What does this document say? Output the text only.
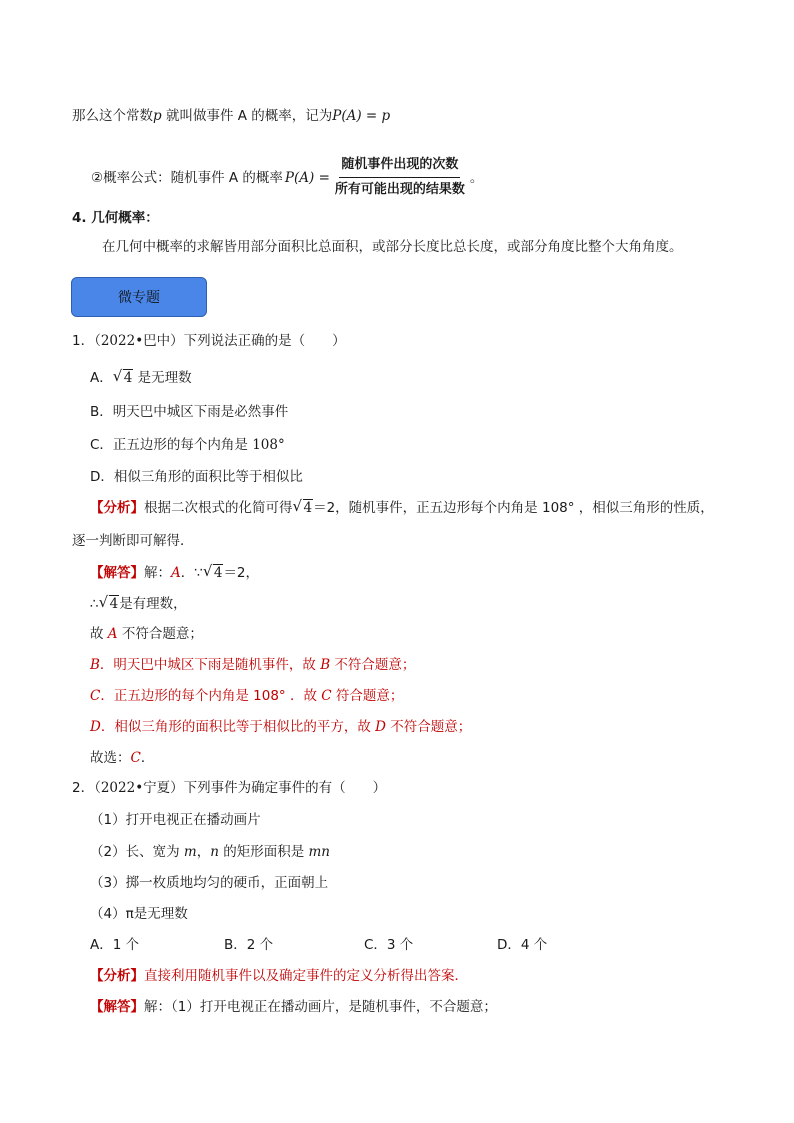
那么这个常数p 就叫做事件 A 的概率，记为P(A) = p
②概率公式：随机事件 A 的概率 $P(A) = \frac{\text{随机事件出现的次数}}{\text{所有可能出现的结果数}}$ 。
4. 几何概率：
在几何中概率的求解皆用部分面积比总面积，或部分长度比总长度，或部分角度比整个大角角度。
微专题
1．（2022•巴中）下列说法正确的是（　　）
A． √ 4 是无理数
B．明天巴中城区下雨是必然事件
C．正五边形的每个内角是 108°
D．相似三角形的面积比等于相似比
【分析】根据二次根式的化简可得 √ 4＝2，随机事件，正五边形每个内角是 108° ，相似三角形的性质，
逐一判断即可解得．
【解答】解：A．∵ √ 4＝2，
∴ √ 4是有理数，
故 A 不符合题意；
B．明天巴中城区下雨是随机事件，故 B 不符合题意；
C．正五边形的每个内角是 108° ．故 C 符合题意；
D．相似三角形的面积比等于相似比的平方，故 D 不符合题意；
故选：C．
2．（2022•宁夏）下列事件为确定事件的有（　　）
（1）打开电视正在播动画片
（2）长、宽为 m，n 的矩形面积是 mn
（3）掷一枚质地均匀的硬币，正面朝上
（4）π是无理数
A．1 个	B．2 个	C．3 个	D．4 个
【分析】直接利用随机事件以及确定事件的定义分析得出答案．
【解答】解：（1）打开电视正在播动画片，是随机事件，不合题意；
